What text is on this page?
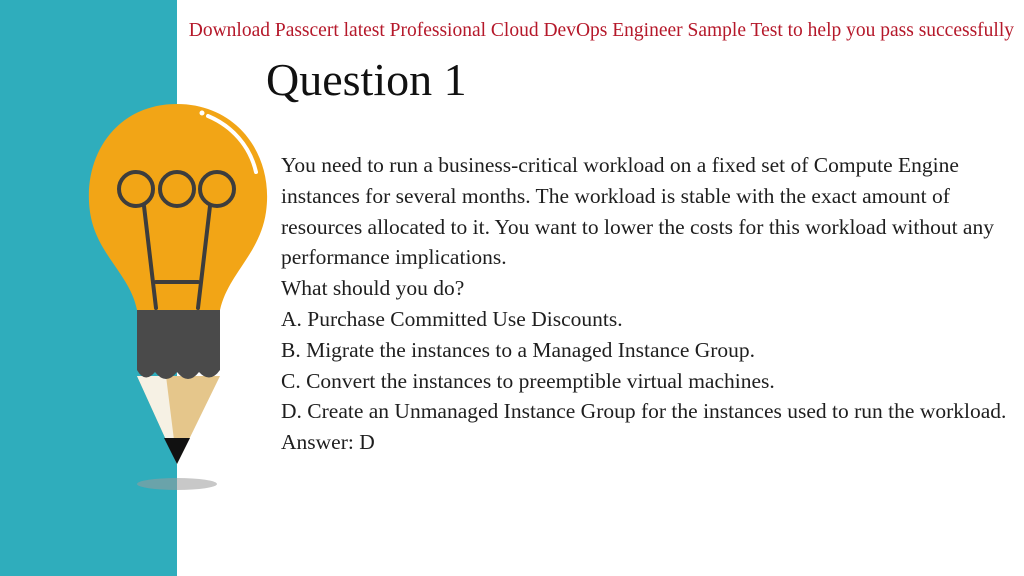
Download Passcert latest Professional Cloud DevOps Engineer Sample Test to help you pass successfully
Question 1

You need to run a business-critical workload on a fixed set of Compute Engine instances for several months. The workload is stable with the exact amount of resources allocated to it. You want to lower the costs for this workload without any performance implications.

What should you do?

A. Purchase Committed Use Discounts.

B. Migrate the instances to a Managed Instance Group.

C. Convert the instances to preemptible virtual machines.

D. Create an Unmanaged Instance Group for the instances used to run the workload.

Answer: D
